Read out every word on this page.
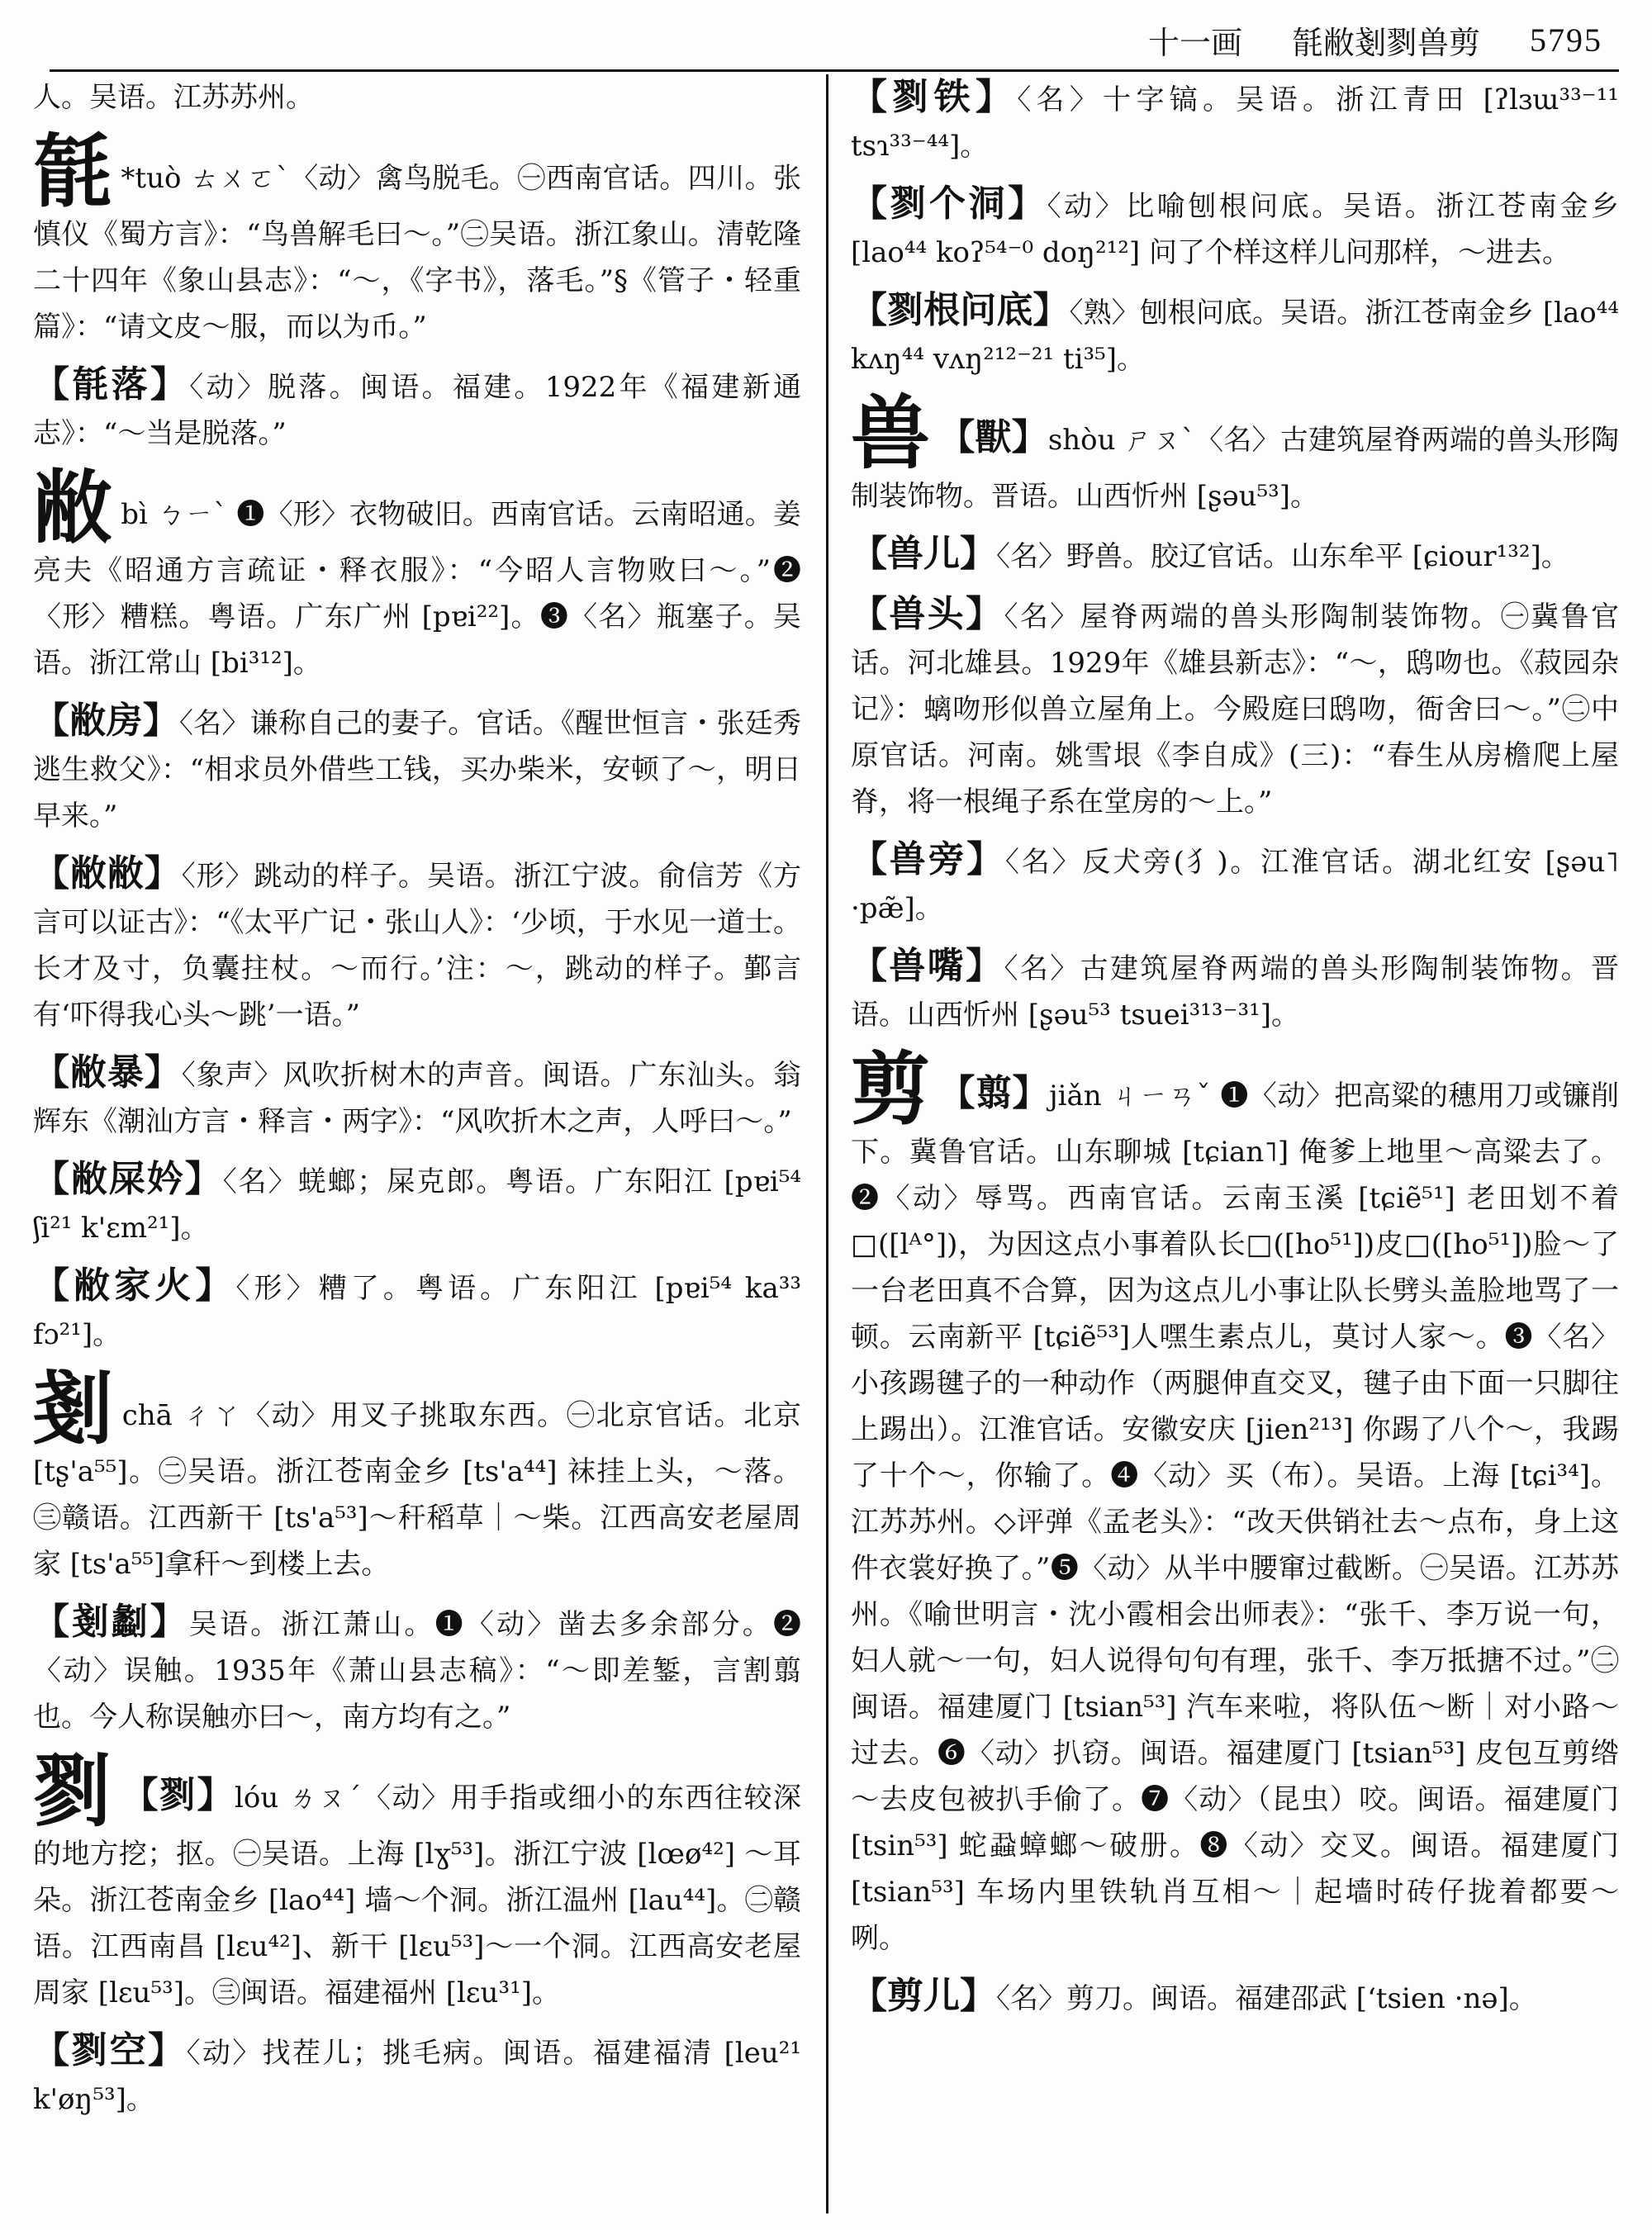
十一画 毻敝剗剹兽剪 5795

人。吴语。江苏苏州。

毻 *tuò ㄊㄨㄛˋ〈动〉禽鸟脱毛。㊀西南官话。四川。张慎仪《蜀方言》：“鸟兽解毛曰～。”㊁吴语。浙江象山。清乾隆二十四年《象山县志》：“～，《字书》，落毛。”§《管子・轻重篇》：“请文皮～服，而以为币。”

【毻落】〈动〉脱落。闽语。福建。1922年《福建新通志》：“～当是脱落。”

敝bì ㄅㄧˋ ❶〈形〉衣物破旧。西南官话。云南昭通。姜亮夫《昭通方言疏证・释衣服》：“今昭人言物败曰～。”❷〈形〉糟糕。粤语。广东广州 [pɐi²²]。❸〈名〉瓶塞子。吴语。浙江常山 [bi³¹²]。

【敝房】〈名〉谦称自己的妻子。官话。《醒世恒言・张廷秀逃生救父》：“相求员外借些工钱，买办柴米，安顿了～，明日早来。”

【敝敝】〈形〉跳动的样子。吴语。浙江宁波。俞信芳《方言可以证古》：“《太平广记・张山人》：‘少顷，于水见一道士。长才及寸，负囊拄杖。～而行。’注：～，跳动的样子。鄞言有‘吓得我心头～跳’一语。”

【敝暴】〈象声〉风吹折树木的声音。闽语。广东汕头。翁辉东《潮汕方言・释言・两字》：“风吹折木之声，人呼曰～。”

【敝屎妗】〈名〉蜣螂；屎克郎。粤语。广东阳江 [pɐi⁵⁴ ʃi²¹ k'ɛm²¹]。

【敝家火】〈形〉糟了。粤语。广东阳江 [pɐi⁵⁴ ka³³ fɔ²¹]。

剗chā ㄔㄚ〈动〉用叉子挑取东西。㊀北京官话。北京 [tʂ'a⁵⁵]。㊁吴语。浙江苍南金乡 [ts'a⁴⁴] 袜挂上头，～落。㊂赣语。江西新干 [ts'a⁵³]～秆稻草｜～柴。江西高安老屋周家 [ts'a⁵⁵]拿秆～到楼上去。

【剗劙】吴语。浙江萧山。❶〈动〉凿去多余部分。❷〈动〉误触。1935年《萧山县志稿》：“～即差錾，言割翦也。今人称误触亦曰～，南方均有之。”

剹 【剹】lóu ㄌㄡˊ〈动〉用手指或细小的东西往较深的地方挖；抠。㊀吴语。上海 [lɣ⁵³]。浙江宁波 [lœø⁴²] ～耳朵。浙江苍南金乡 [lao⁴⁴] 墙～个洞。浙江温州 [lau⁴⁴]。㊁赣语。江西南昌 [lɛu⁴²]、新干 [lɛu⁵³]～一个洞。江西高安老屋周家 [lɛu⁵³]。㊂闽语。福建福州 [lɛu³¹]。

【剹空】〈动〉找茬儿；挑毛病。闽语。福建福清 [leu²¹ k'øŋ⁵³]。

【剹铁】〈名〉十字镐。吴语。浙江青田 [ʔlɜɯ³³⁻¹¹ tsɿ³³⁻⁴⁴]。

【剹个洞】〈动〉比喻刨根问底。吴语。浙江苍南金乡 [lao⁴⁴ koʔ⁵⁴⁻⁰ doŋ²¹²] 问了个样这样儿问那样，～进去。

【剹根问底】〈熟〉刨根问底。吴语。浙江苍南金乡 [lao⁴⁴ kʌŋ⁴⁴ vʌŋ²¹²⁻²¹ ti³⁵]。

兽 【獸】shòu ㄕㄡˋ〈名〉古建筑屋脊两端的兽头形陶制装饰物。晋语。山西忻州 [ʂəu⁵³]。

【兽儿】〈名〉野兽。胶辽官话。山东牟平 [ɕiour¹³²]。

【兽头】〈名〉屋脊两端的兽头形陶制装饰物。㊀冀鲁官话。河北雄县。1929年《雄县新志》：“～，鸱吻也。《菽园杂记》：螭吻形似兽立屋角上。今殿庭曰鸱吻，衙舍曰～。”㊁中原官话。河南。姚雪垠《李自成》(三)：“春生从房檐爬上屋脊，将一根绳子系在堂房的～上。”

【兽旁】〈名〉反犬旁(犭)。江淮官话。湖北红安 [ʂəu˥ ·pæ̃]。

【兽嘴】〈名〉古建筑屋脊两端的兽头形陶制装饰物。晋语。山西忻州 [ʂəu⁵³ tsuei³¹³⁻³¹]。

剪 【翦】jiǎn ㄐㄧㄢˇ ❶〈动〉把高粱的穗用刀或镰削下。冀鲁官话。山东聊城 [tɕian˥] 俺爹上地里～高粱去了。❷〈动〉辱骂。西南官话。云南玉溪 [tɕiẽ⁵¹] 老田划不着□([lᴬ°])，为因这点小事着队长□([ho⁵¹])皮□([ho⁵¹])脸～了一台老田真不合算，因为这点儿小事让队长劈头盖脸地骂了一顿。云南新平 [tɕiẽ⁵³]人嘿生素点儿，莫讨人家～。❸〈名〉小孩踢毽子的一种动作（两腿伸直交叉，毽子由下面一只脚往上踢出）。江淮官话。安徽安庆 [jien²¹³] 你踢了八个～，我踢了十个～，你输了。❹〈动〉买（布）。吴语。上海 [tɕi³⁴]。江苏苏州。◇评弹《孟老头》：“改天供销社去～点布，身上这件衣裳好换了。”❺〈动〉从半中腰窜过截断。㊀吴语。江苏苏州。《喻世明言・沈小霞相会出师表》：“张千、李万说一句，妇人就～一句，妇人说得句句有理，张千、李万抵搪不过。”㊁闽语。福建厦门 [tsian⁵³] 汽车来啦，将队伍～断｜对小路～过去。❻〈动〉扒窃。闽语。福建厦门 [tsian⁵³] 皮包互剪绺～去皮包被扒手偷了。❼〈动〉（昆虫）咬。闽语。福建厦门 [tsin⁵³] 蛇蝨蟑螂～破册。❽〈动〉交叉。闽语。福建厦门 [tsian⁵³] 车场内里铁轨肖互相～｜起墙时砖仔拢着都要～咧。

【剪儿】〈名〉剪刀。闽语。福建邵武 [ʻtsien ·nə]。
